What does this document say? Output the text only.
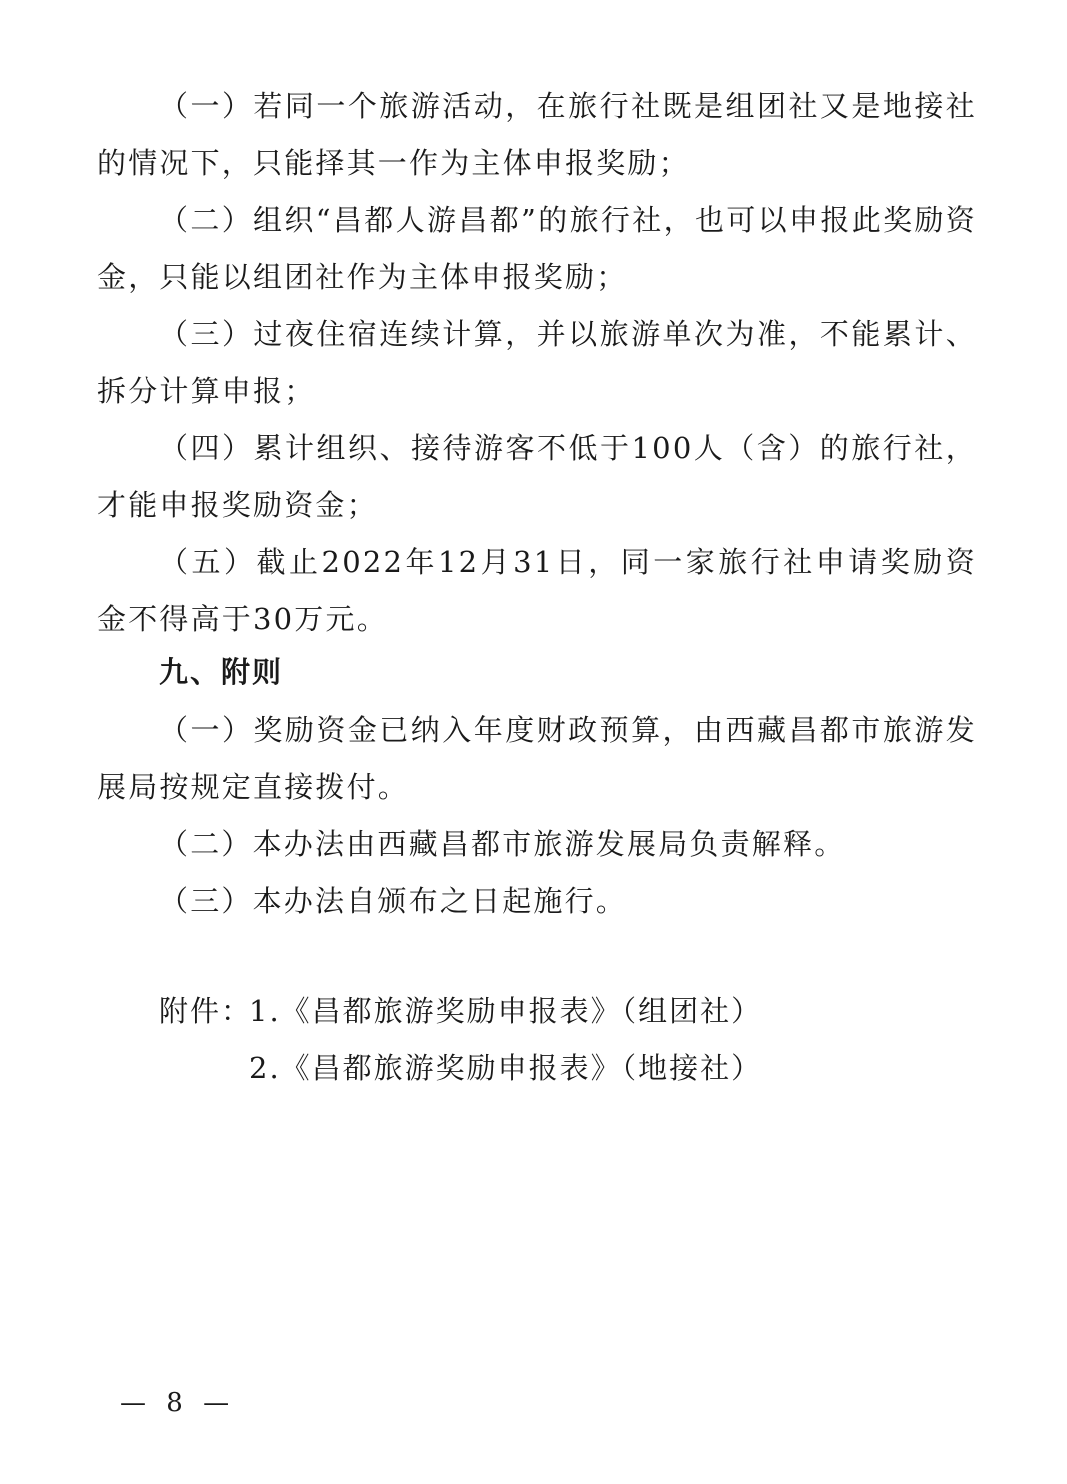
（一）若同一个旅游活动，在旅行社既是组团社又是地接社的情况下，只能择其一作为主体申报奖励；

（二）组织“昌都人游昌都”的旅行社，也可以申报此奖励资金，只能以组团社作为主体申报奖励；

（三）过夜住宿连续计算，并以旅游单次为准，不能累计、拆分计算申报；

（四）累计组织、接待游客不低于100人（含）的旅行社，才能申报奖励资金；

（五）截止2022年12月31日，同一家旅行社申请奖励资金不得高于30万元。

九、附则

（一）奖励资金已纳入年度财政预算，由西藏昌都市旅游发展局按规定直接拨付。

（二）本办法由西藏昌都市旅游发展局负责解释。

（三）本办法自颁布之日起施行。

附件：
1.《昌都旅游奖励申报表》（组团社）
2.《昌都旅游奖励申报表》（地接社）
— 8 —
